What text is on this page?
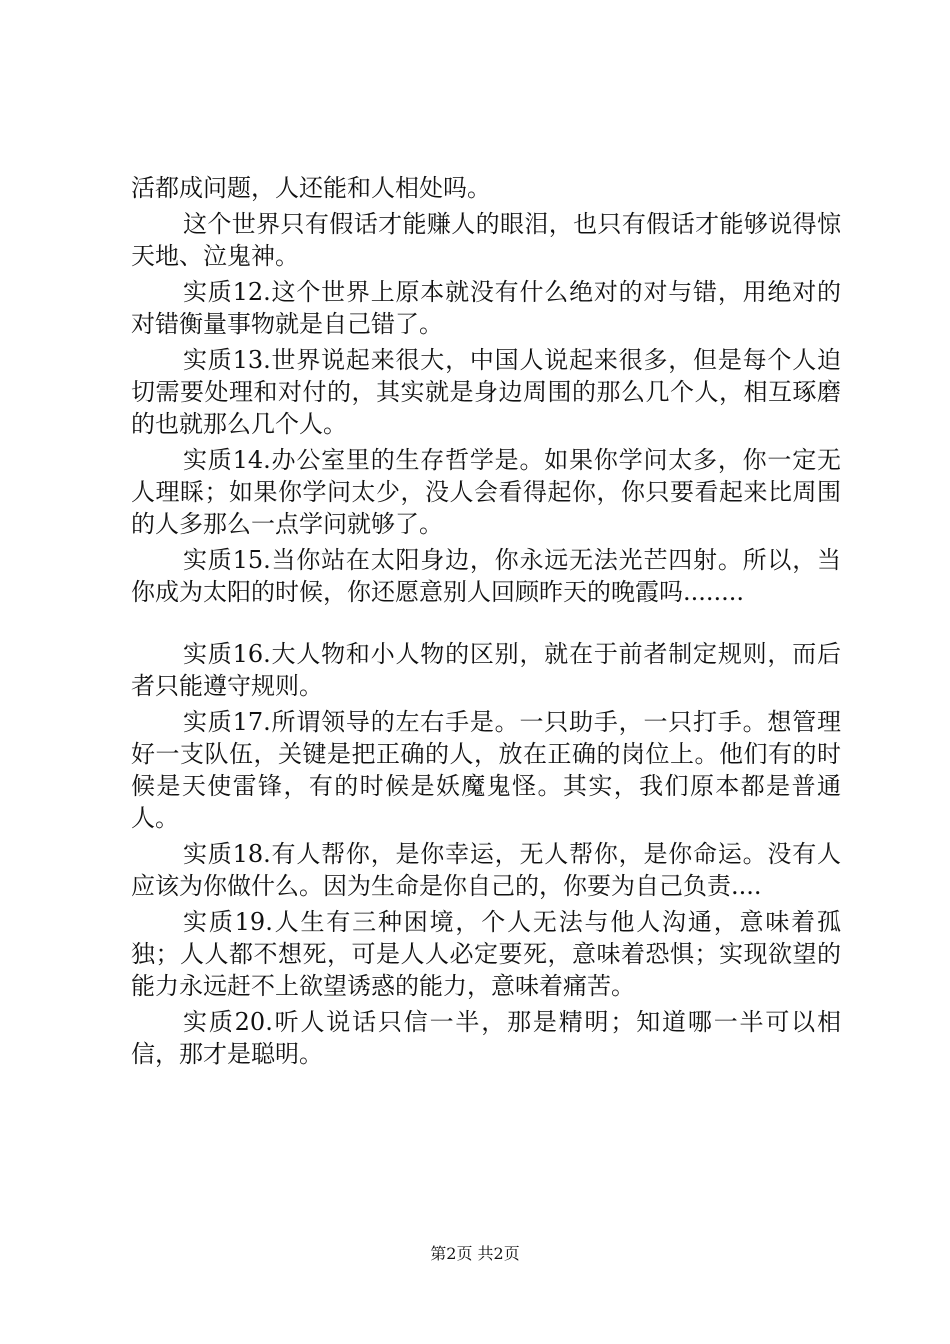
活都成问题，人还能和人相处吗。

这个世界只有假话才能赚人的眼泪，也只有假话才能够说得惊天地、泣鬼神。

实质12.这个世界上原本就没有什么绝对的对与错，用绝对的对错衡量事物就是自己错了。

实质13.世界说起来很大，中国人说起来很多，但是每个人迫切需要处理和对付的，其实就是身边周围的那么几个人，相互琢磨的也就那么几个人。

实质14.办公室里的生存哲学是。如果你学问太多，你一定无人理睬；如果你学问太少，没人会看得起你，你只要看起来比周围的人多那么一点学问就够了。

实质15.当你站在太阳身边，你永远无法光芒四射。所以，当你成为太阳的时候，你还愿意别人回顾昨天的晚霞吗........

实质16.大人物和小人物的区别，就在于前者制定规则，而后者只能遵守规则。

实质17.所谓领导的左右手是。一只助手，一只打手。想管理好一支队伍，关键是把正确的人，放在正确的岗位上。他们有的时候是天使雷锋，有的时候是妖魔鬼怪。其实，我们原本都是普通人。

实质18.有人帮你，是你幸运，无人帮你，是你命运。没有人应该为你做什么。因为生命是你自己的，你要为自己负责....

实质19.人生有三种困境，个人无法与他人沟通，意味着孤独；人人都不想死，可是人人必定要死，意味着恐惧；实现欲望的能力永远赶不上欲望诱惑的能力，意味着痛苦。

实质20.听人说话只信一半，那是精明；知道哪一半可以相信，那才是聪明。

第2页 共2页
